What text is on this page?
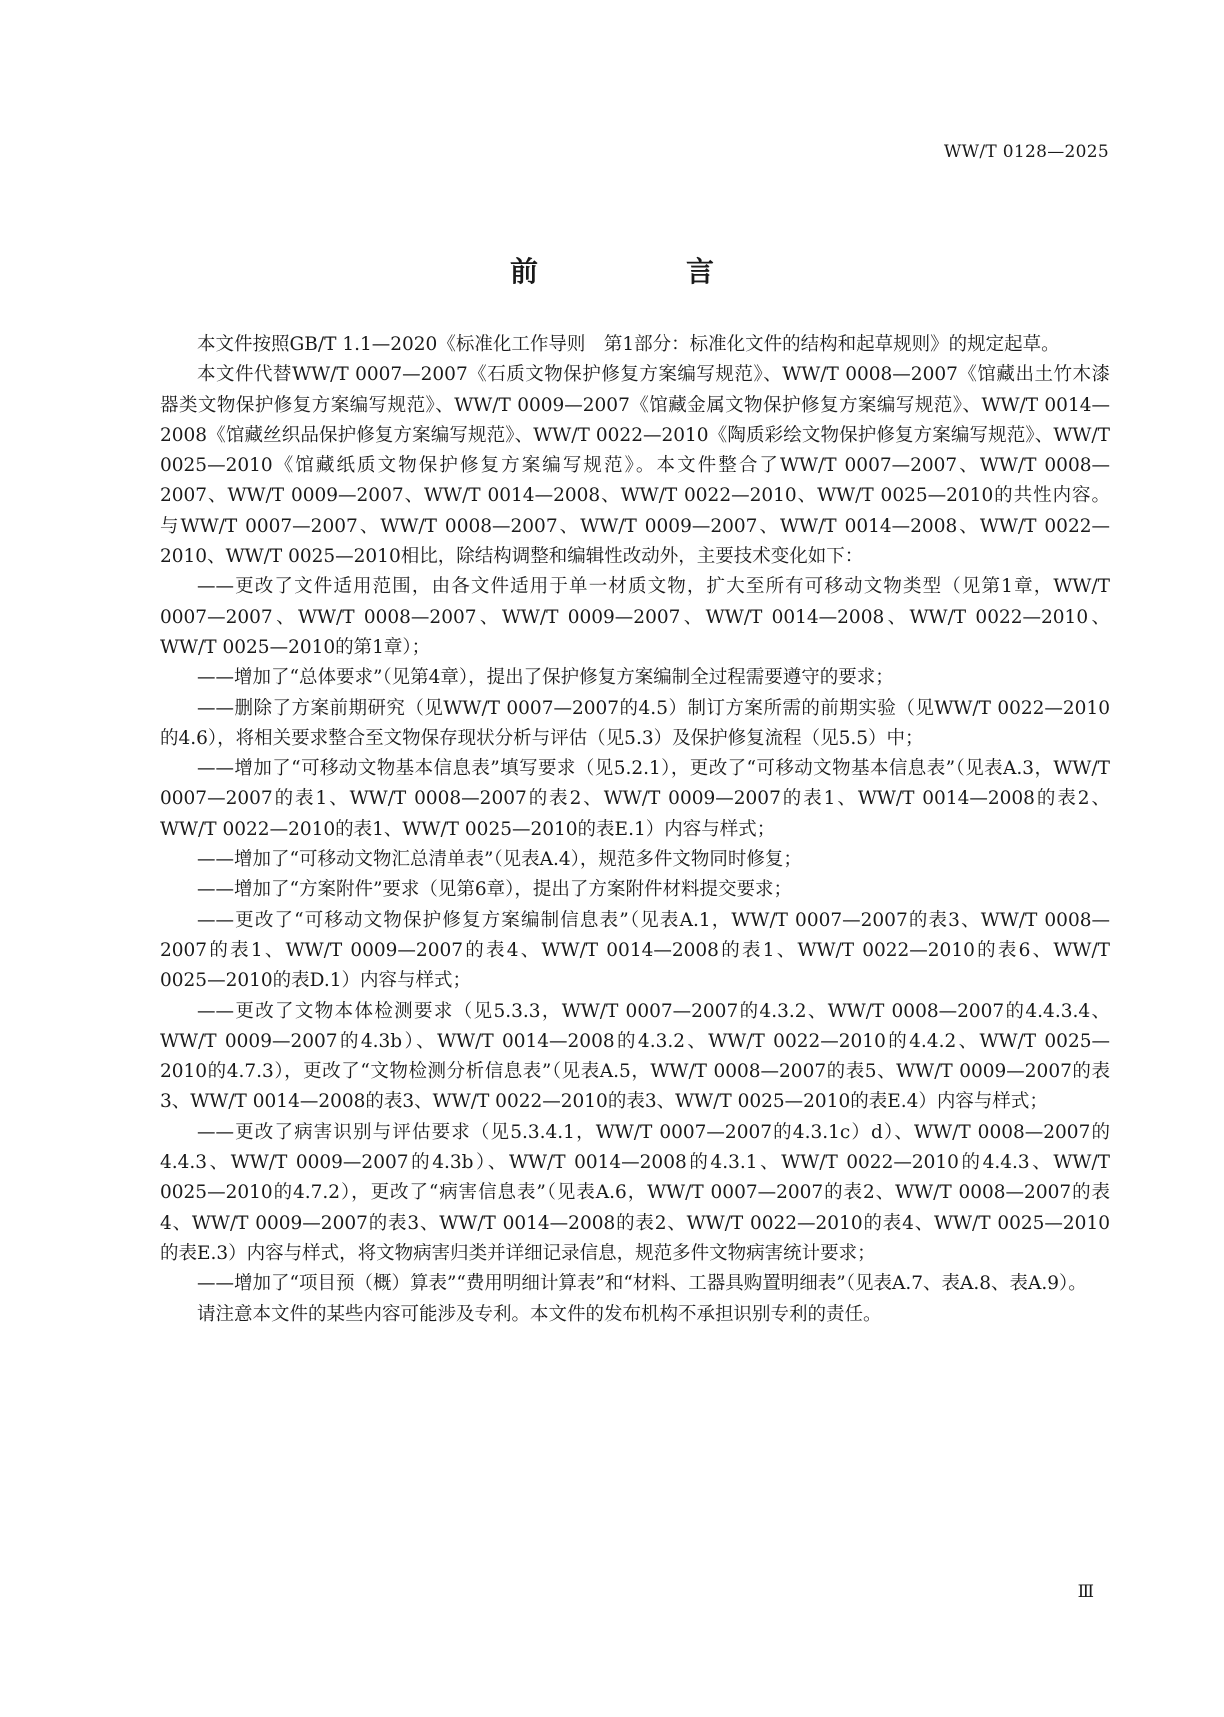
WW/T 0128—2025
前　言

本文件按照GB/T 1.1—2020《标准化工作导则　第1部分：标准化文件的结构和起草规则》的规定起草。

本文件代替WW/T 0007—2007《石质文物保护修复方案编写规范》、WW/T 0008—2007《馆藏出土竹木漆器类文物保护修复方案编写规范》、WW/T 0009—2007《馆藏金属文物保护修复方案编写规范》、WW/T 0014—2008《馆藏丝织品保护修复方案编写规范》、WW/T 0022—2010《陶质彩绘文物保护修复方案编写规范》、WW/T 0025—2010《馆藏纸质文物保护修复方案编写规范》。本文件整合了WW/T 0007—2007、WW/T 0008—2007、WW/T 0009—2007、WW/T 0014—2008、WW/T 0022—2010、WW/T 0025—2010的共性内容。与WW/T 0007—2007、WW/T 0008—2007、WW/T 0009—2007、WW/T 0014—2008、WW/T 0022—2010、WW/T 0025—2010相比，除结构调整和编辑性改动外，主要技术变化如下：

——更改了文件适用范围，由各文件适用于单一材质文物，扩大至所有可移动文物类型（见第1章，WW/T 0007—2007、WW/T 0008—2007、WW/T 0009—2007、WW/T 0014—2008、WW/T 0022—2010、WW/T 0025—2010的第1章）；

——增加了“总体要求”（见第4章），提出了保护修复方案编制全过程需要遵守的要求；

——删除了方案前期研究（见WW/T 0007—2007的4.5）制订方案所需的前期实验（见WW/T 0022—2010的4.6），将相关要求整合至文物保存现状分析与评估（见5.3）及保护修复流程（见5.5）中；

——增加了“可移动文物基本信息表”填写要求（见5.2.1），更改了“可移动文物基本信息表”（见表A.3，WW/T 0007—2007的表1、WW/T 0008—2007的表2、WW/T 0009—2007的表1、WW/T 0014—2008的表2、WW/T 0022—2010的表1、WW/T 0025—2010的表E.1）内容与样式；

——增加了“可移动文物汇总清单表”（见表A.4），规范多件文物同时修复；

——增加了“方案附件”要求（见第6章），提出了方案附件材料提交要求；

——更改了“可移动文物保护修复方案编制信息表”（见表A.1，WW/T 0007—2007的表3、WW/T 0008—2007的表1、WW/T 0009—2007的表4、WW/T 0014—2008的表1、WW/T 0022—2010的表6、WW/T 0025—2010的表D.1）内容与样式；

——更改了文物本体检测要求（见5.3.3，WW/T 0007—2007的4.3.2、WW/T 0008—2007的4.4.3.4、WW/T 0009—2007的4.3b）、WW/T 0014—2008的4.3.2、WW/T 0022—2010的4.4.2、WW/T 0025—2010的4.7.3），更改了“文物检测分析信息表”（见表A.5，WW/T 0008—2007的表5、WW/T 0009—2007的表3、WW/T 0014—2008的表3、WW/T 0022—2010的表3、WW/T 0025—2010的表E.4）内容与样式；

——更改了病害识别与评估要求（见5.3.4.1，WW/T 0007—2007的4.3.1c）d）、WW/T 0008—2007的4.4.3、WW/T 0009—2007的4.3b）、WW/T 0014—2008的4.3.1、WW/T 0022—2010的4.4.3、WW/T 0025—2010的4.7.2），更改了“病害信息表”（见表A.6，WW/T 0007—2007的表2、WW/T 0008—2007的表4、WW/T 0009—2007的表3、WW/T 0014—2008的表2、WW/T 0022—2010的表4、WW/T 0025—2010的表E.3）内容与样式，将文物病害归类并详细记录信息，规范多件文物病害统计要求；

——增加了“项目预（概）算表”“费用明细计算表”和“材料、工器具购置明细表”（见表A.7、表A.8、表A.9）。

请注意本文件的某些内容可能涉及专利。本文件的发布机构不承担识别专利的责任。

Ⅲ
